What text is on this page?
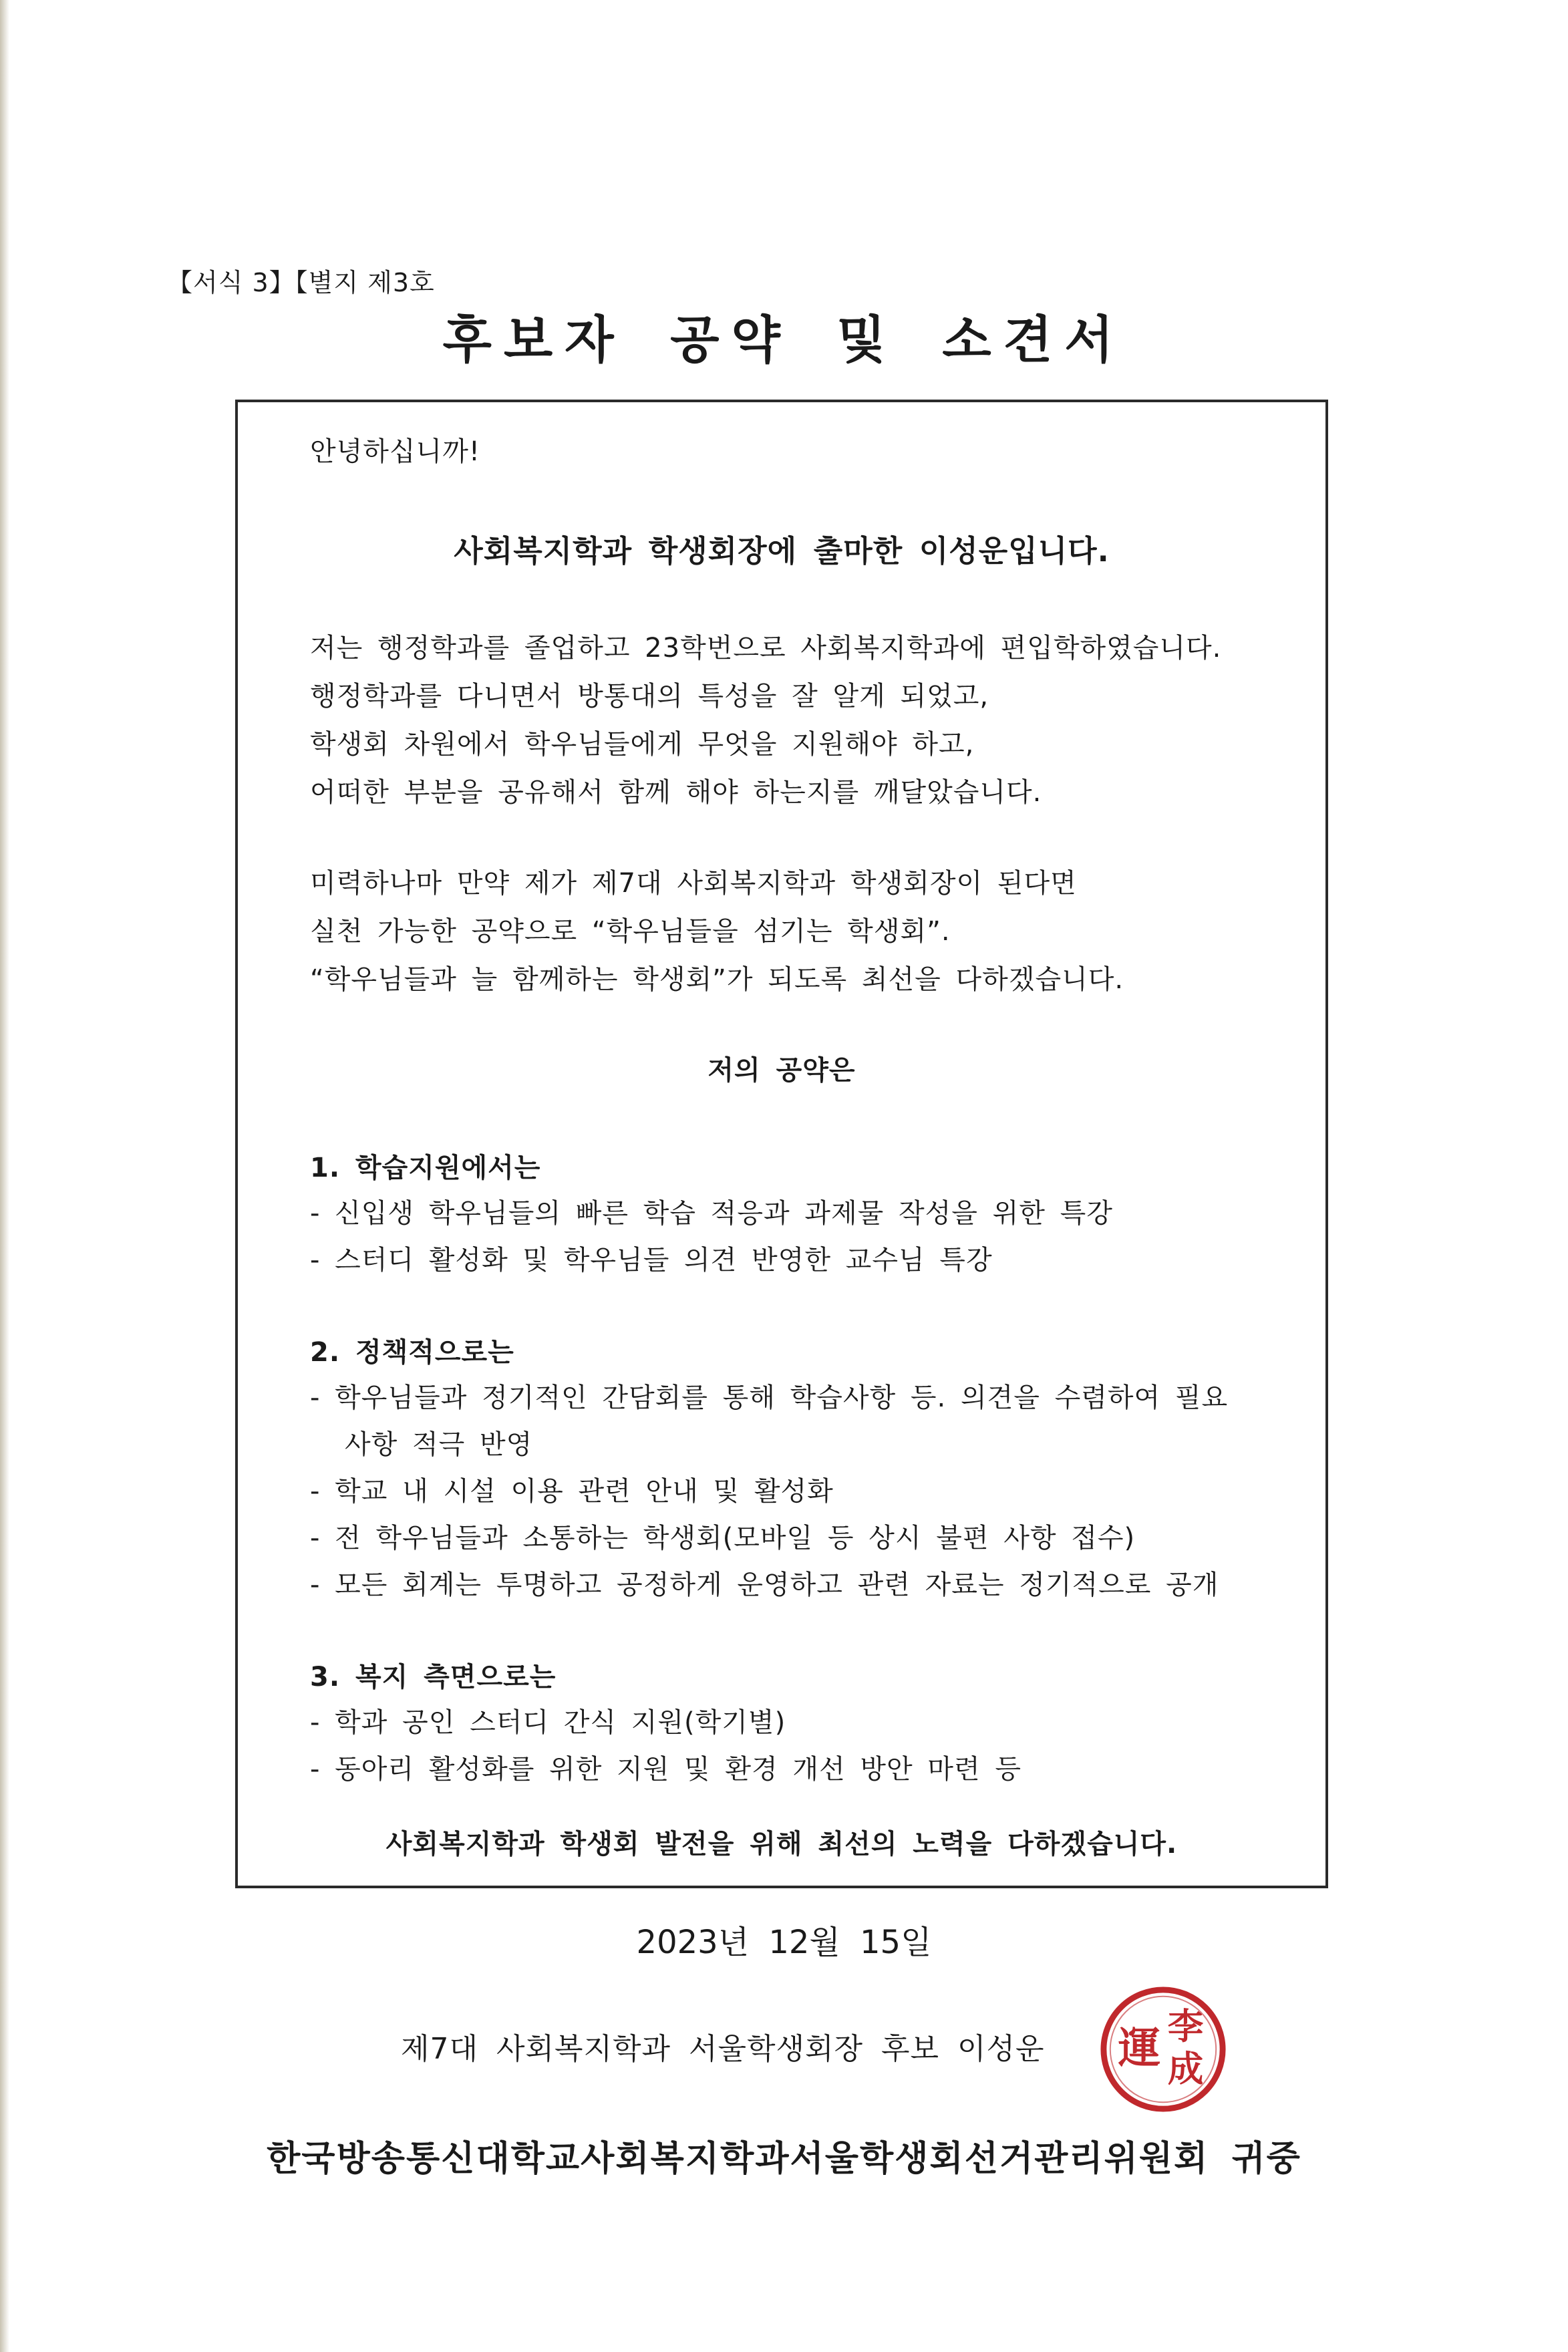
【서식 3】【별지 제3호
후보자 공약 및 소견서
안녕하십니까!
사회복지학과 학생회장에 출마한 이성운입니다.
저는 행정학과를 졸업하고 23학번으로 사회복지학과에 편입학하였습니다.
행정학과를 다니면서 방통대의 특성을 잘 알게 되었고,
학생회 차원에서 학우님들에게 무엇을 지원해야 하고,
어떠한 부분을 공유해서 함께 해야 하는지를 깨달았습니다.
미력하나마 만약 제가 제7대 사회복지학과 학생회장이 된다면
실천 가능한 공약으로 “학우님들을 섬기는 학생회”.
“학우님들과 늘 함께하는 학생회”가 되도록 최선을 다하겠습니다.
저의 공약은
1. 학습지원에서는
- 신입생 학우님들의 빠른 학습 적응과 과제물 작성을 위한 특강
- 스터디 활성화 및 학우님들 의견 반영한 교수님 특강
2. 정책적으로는
- 학우님들과 정기적인 간담회를 통해 학습사항 등. 의견을 수렴하여 필요
사항 적극 반영
- 학교 내 시설 이용 관련 안내 및 활성화
- 전 학우님들과 소통하는 학생회(모바일 등 상시 불편 사항 접수)
- 모든 회계는 투명하고 공정하게 운영하고 관련 자료는 정기적으로 공개
3. 복지 측면으로는
- 학과 공인 스터디 간식 지원(학기별)
- 동아리 활성화를 위한 지원 및 환경 개선 방안 마련 등
사회복지학과 학생회 발전을 위해 최선의 노력을 다하겠습니다.
2023년 12월 15일
제7대 사회복지학과 서울학생회장 후보 이성운
李
成
運
한국방송통신대학교사회복지학과서울학생회선거관리위원회 귀중
